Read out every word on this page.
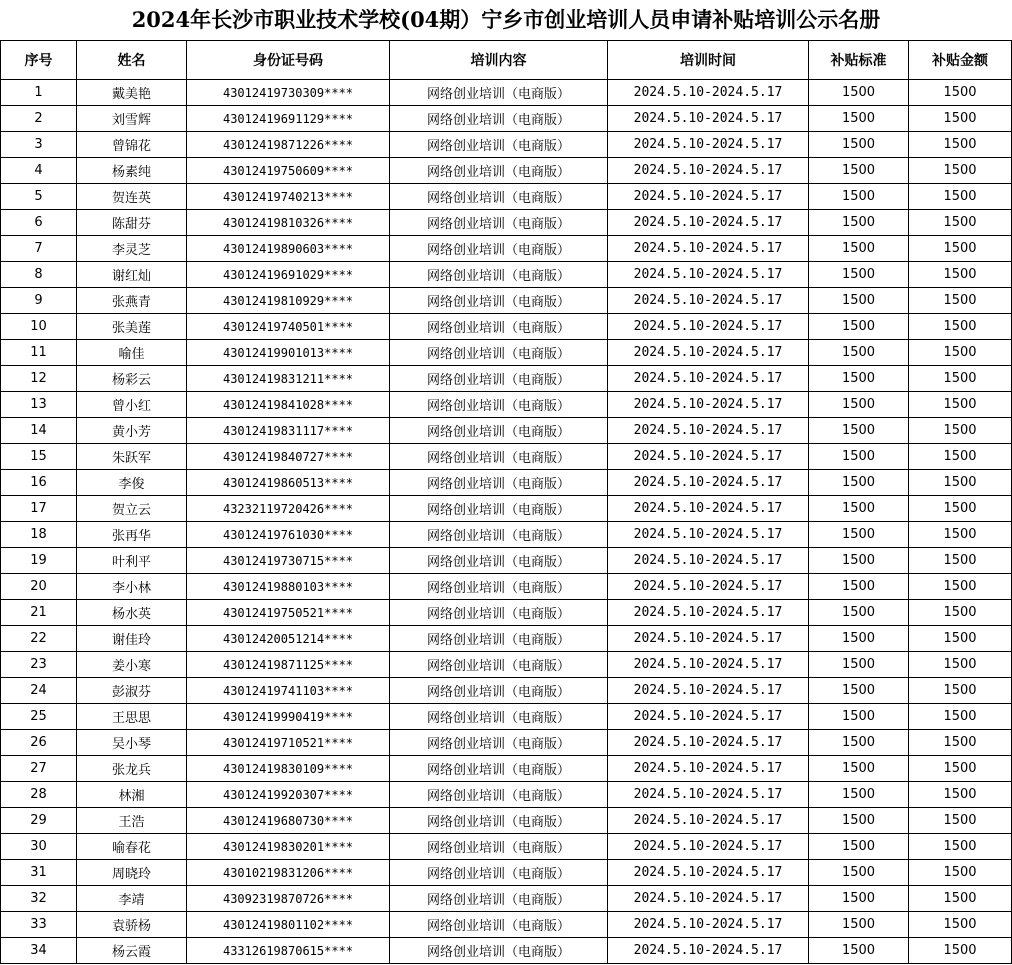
2024年长沙市职业技术学校(04期）宁乡市创业培训人员申请补贴培训公示名册
序号	姓名	身份证号码	培训内容	培训时间	补贴标准	补贴金额
1	戴美艳	43012419730309****	网络创业培训（电商版）	2024.5.10-2024.5.17	1500	1500
2	刘雪辉	43012419691129****	网络创业培训（电商版）	2024.5.10-2024.5.17	1500	1500
3	曾锦花	43012419871226****	网络创业培训（电商版）	2024.5.10-2024.5.17	1500	1500
4	杨素纯	43012419750609****	网络创业培训（电商版）	2024.5.10-2024.5.17	1500	1500
5	贺连英	43012419740213****	网络创业培训（电商版）	2024.5.10-2024.5.17	1500	1500
6	陈甜芬	43012419810326****	网络创业培训（电商版）	2024.5.10-2024.5.17	1500	1500
7	李灵芝	43012419890603****	网络创业培训（电商版）	2024.5.10-2024.5.17	1500	1500
8	谢红灿	43012419691029****	网络创业培训（电商版）	2024.5.10-2024.5.17	1500	1500
9	张燕青	43012419810929****	网络创业培训（电商版）	2024.5.10-2024.5.17	1500	1500
10	张美莲	43012419740501****	网络创业培训（电商版）	2024.5.10-2024.5.17	1500	1500
11	喻佳	43012419901013****	网络创业培训（电商版）	2024.5.10-2024.5.17	1500	1500
12	杨彩云	43012419831211****	网络创业培训（电商版）	2024.5.10-2024.5.17	1500	1500
13	曾小红	43012419841028****	网络创业培训（电商版）	2024.5.10-2024.5.17	1500	1500
14	黄小芳	43012419831117****	网络创业培训（电商版）	2024.5.10-2024.5.17	1500	1500
15	朱跃军	43012419840727****	网络创业培训（电商版）	2024.5.10-2024.5.17	1500	1500
16	李俊	43012419860513****	网络创业培训（电商版）	2024.5.10-2024.5.17	1500	1500
17	贺立云	43232119720426****	网络创业培训（电商版）	2024.5.10-2024.5.17	1500	1500
18	张再华	43012419761030****	网络创业培训（电商版）	2024.5.10-2024.5.17	1500	1500
19	叶利平	43012419730715****	网络创业培训（电商版）	2024.5.10-2024.5.17	1500	1500
20	李小林	43012419880103****	网络创业培训（电商版）	2024.5.10-2024.5.17	1500	1500
21	杨水英	43012419750521****	网络创业培训（电商版）	2024.5.10-2024.5.17	1500	1500
22	谢佳玲	43012420051214****	网络创业培训（电商版）	2024.5.10-2024.5.17	1500	1500
23	姜小寒	43012419871125****	网络创业培训（电商版）	2024.5.10-2024.5.17	1500	1500
24	彭淑芬	43012419741103****	网络创业培训（电商版）	2024.5.10-2024.5.17	1500	1500
25	王思思	43012419990419****	网络创业培训（电商版）	2024.5.10-2024.5.17	1500	1500
26	吴小琴	43012419710521****	网络创业培训（电商版）	2024.5.10-2024.5.17	1500	1500
27	张龙兵	43012419830109****	网络创业培训（电商版）	2024.5.10-2024.5.17	1500	1500
28	林湘	43012419920307****	网络创业培训（电商版）	2024.5.10-2024.5.17	1500	1500
29	王浩	43012419680730****	网络创业培训（电商版）	2024.5.10-2024.5.17	1500	1500
30	喻春花	43012419830201****	网络创业培训（电商版）	2024.5.10-2024.5.17	1500	1500
31	周晓玲	43010219831206****	网络创业培训（电商版）	2024.5.10-2024.5.17	1500	1500
32	李靖	43092319870726****	网络创业培训（电商版）	2024.5.10-2024.5.17	1500	1500
33	袁骄杨	43012419801102****	网络创业培训（电商版）	2024.5.10-2024.5.17	1500	1500
34	杨云霞	43312619870615****	网络创业培训（电商版）	2024.5.10-2024.5.17	1500	1500
